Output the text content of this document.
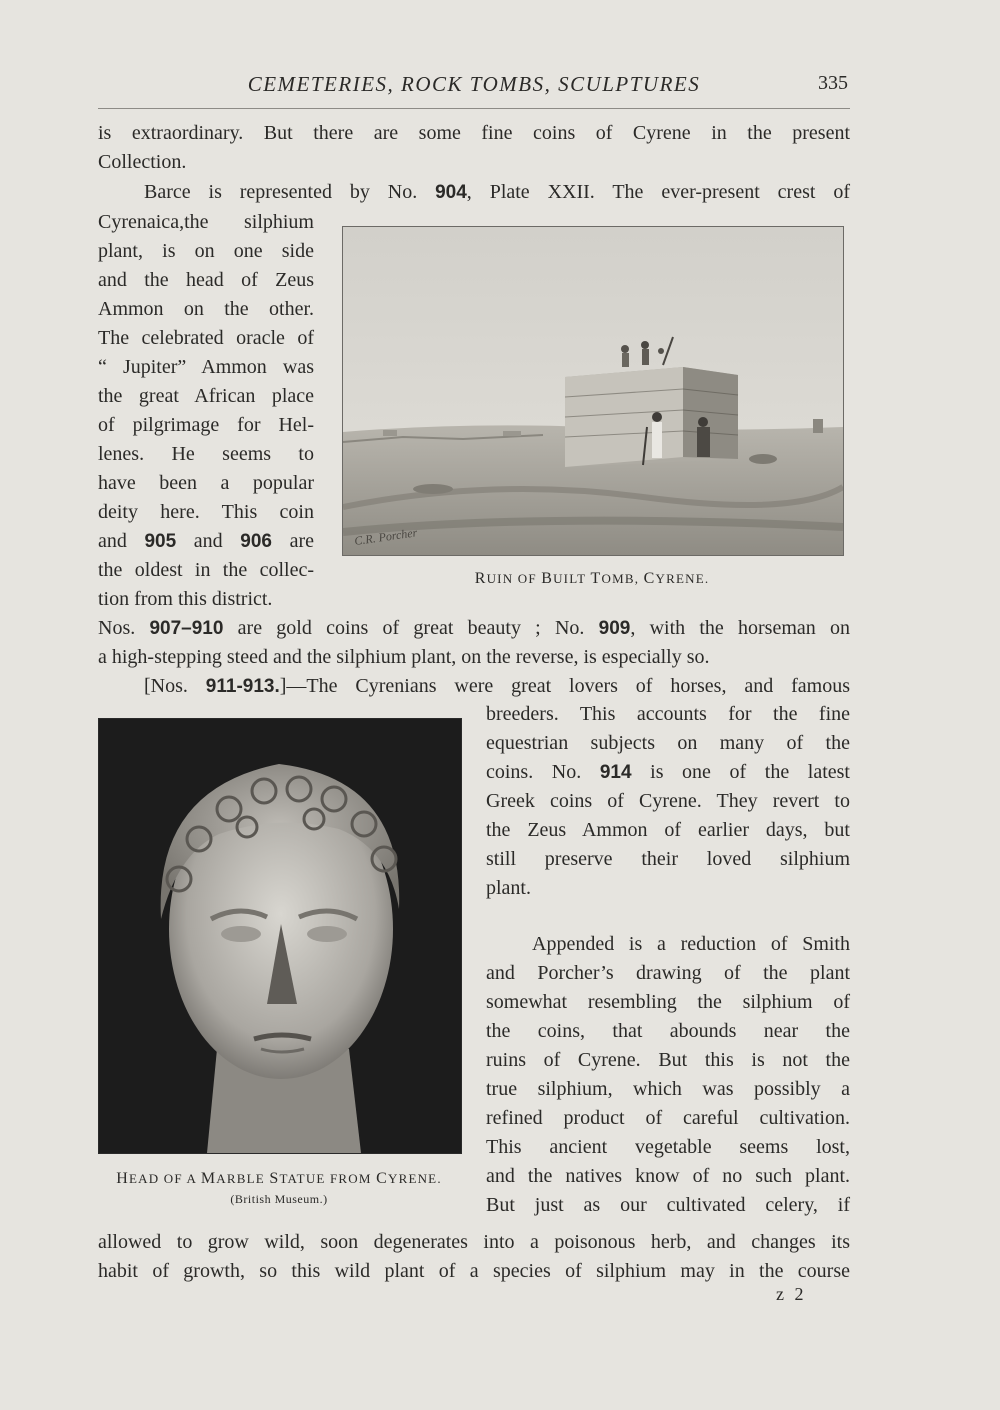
CEMETERIES, ROCK TOMBS, SCULPTURES	335
is extraordinary. But there are some fine coins of Cyrene in the present
Collection.
Barce is represented by No. 904, Plate XXII. The ever-present crest of
Cyrenaica,the silphium
plant, is on one side
and the head of Zeus
Ammon on the other.
The celebrated oracle of
“ Jupiter” Ammon was
the great African place
of pilgrimage for Hel-
lenes. He seems to
have been a popular
deity here. This coin
and 905 and 906 are
the oldest in the collec-
tion from this district.
C.R. Porcher
RUIN OF BUILT TOMB, CYRENE.
Nos. 907–910 are gold coins of great beauty ; No. 909, with the horseman on
a high-stepping steed and the silphium plant, on the reverse, is especially so.
[Nos. 911-913.]—The Cyrenians were great lovers of horses, and famous
HEAD OF A MARBLE STATUE FROM CYRENE.
(British Museum.)
breeders. This accounts for the fine
equestrian subjects on many of the
coins. No. 914 is one of the latest
Greek coins of Cyrene. They revert to
the Zeus Ammon of earlier days, but
still preserve their loved silphium
plant.
Appended is a reduction of Smith
and Porcher’s drawing of the plant
somewhat resembling the silphium of
the coins, that abounds near the
ruins of Cyrene. But this is not the
true silphium, which was possibly a
refined product of careful cultivation.
This ancient vegetable seems lost,
and the natives know of no such plant.
But just as our cultivated celery, if
allowed to grow wild, soon degenerates into a poisonous herb, and changes its
habit of growth, so this wild plant of a species of silphium may in the course
z 2
